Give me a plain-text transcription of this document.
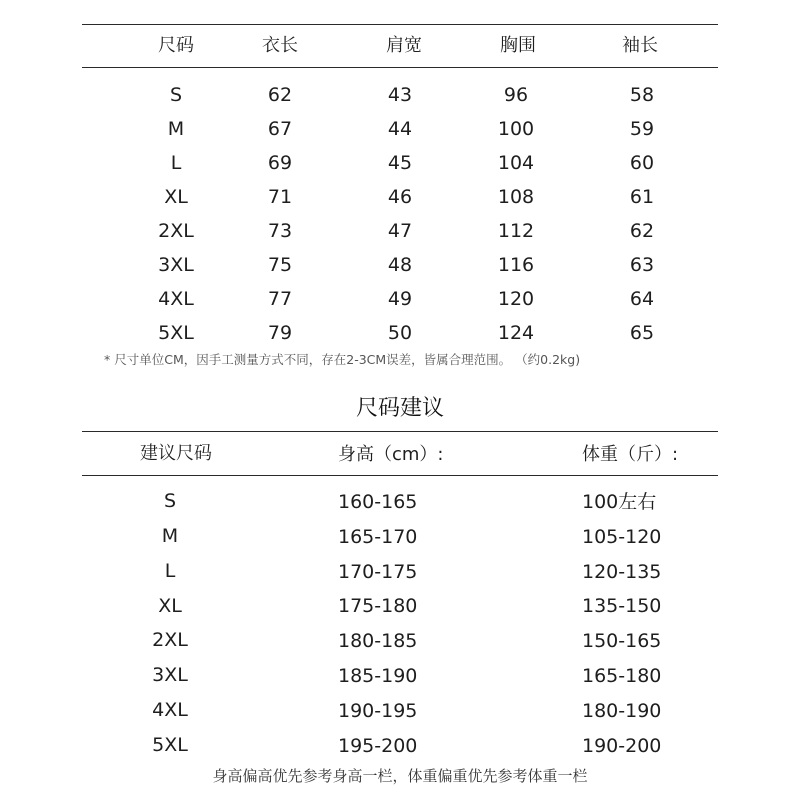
尺码	衣长	肩宽	胸围	袖长
S	62	43	96	58
M	67	44	100	59
L	69	45	104	60
XL	71	46	108	61
2XL	73	47	112	62
3XL	75	48	116	63
4XL	77	49	120	64
5XL	79	50	124	65
* 尺寸单位CM，因手工测量方式不同，存在2-3CM误差，皆属合理范围。 （约0.2kg)
尺码建议
建议尺码	身高（cm）:	体重（斤）:
S	160-165	100左右
M	165-170	105-120
L	170-175	120-135
XL	175-180	135-150
2XL	180-185	150-165
3XL	185-190	165-180
4XL	190-195	180-190
5XL	195-200	190-200
身高偏高优先参考身高一栏，体重偏重优先参考体重一栏
